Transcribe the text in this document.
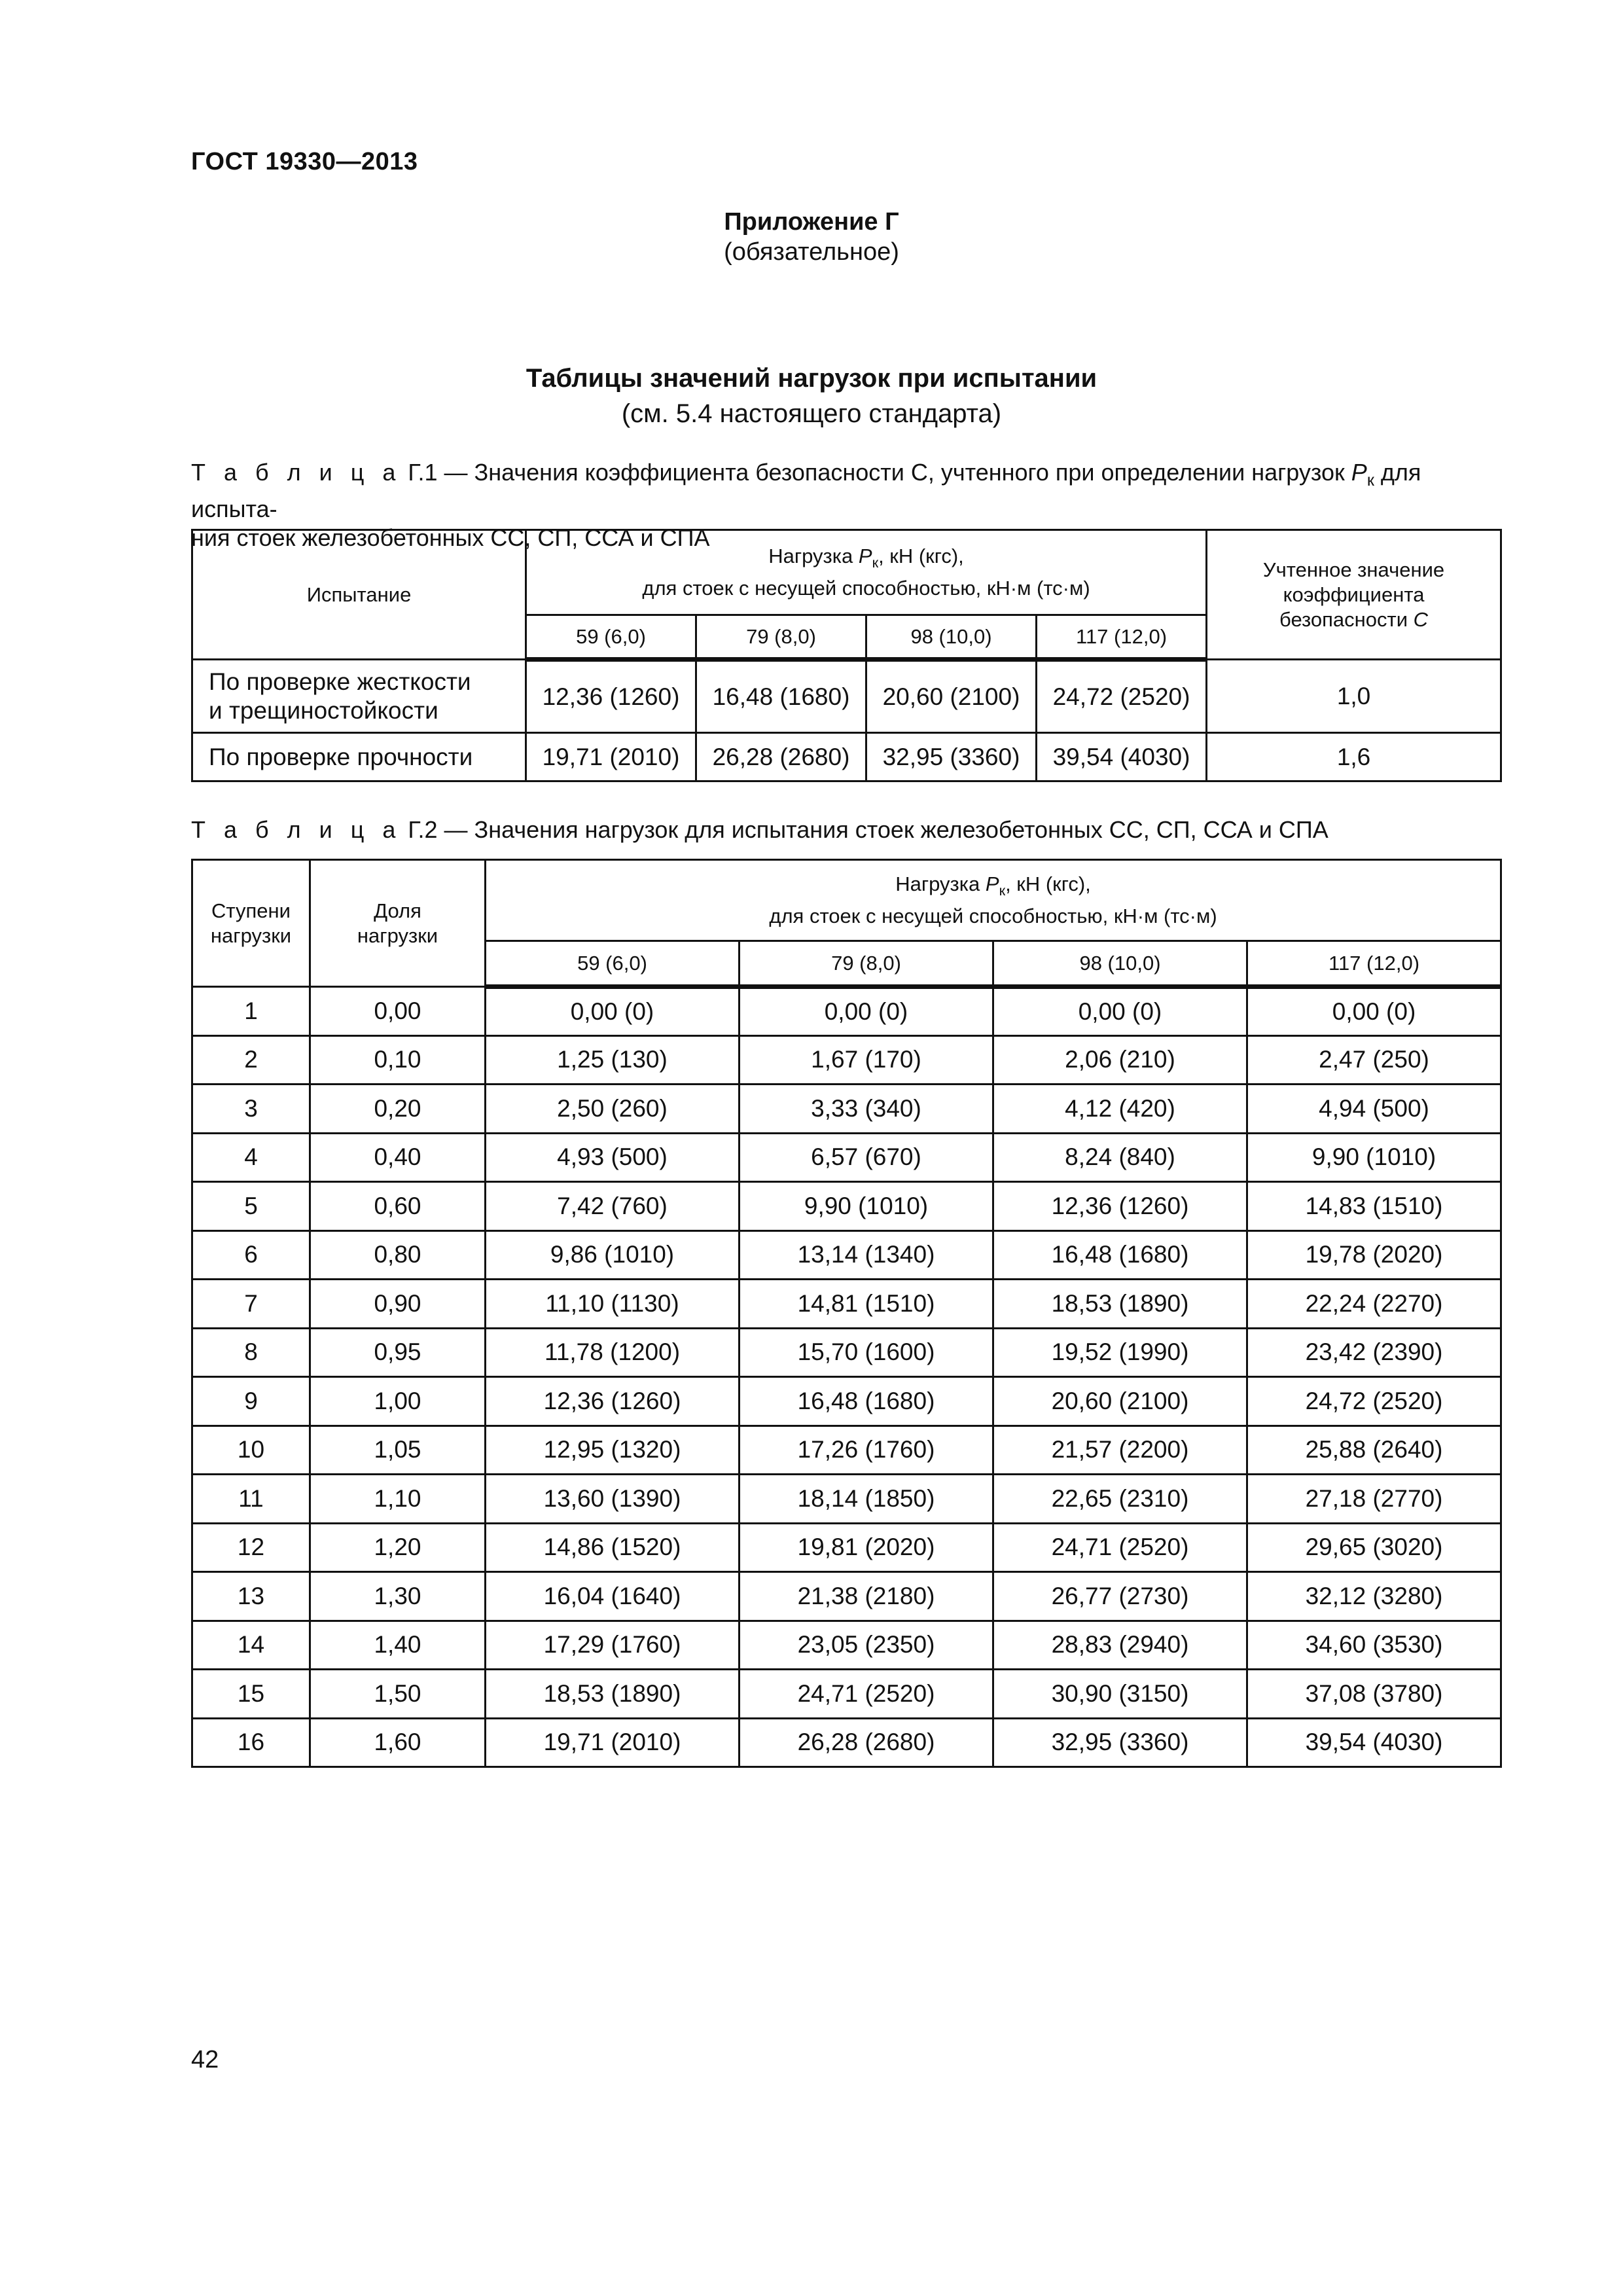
ГОСТ 19330—2013
Приложение Г
(обязательное)
Таблицы значений нагрузок при испытании
(см. 5.4 настоящего стандарта)
Т а б л и ц а Г.1 — Значения коэффициента безопасности С, учтенного при определении нагрузок $P_к$ для испыта-
ния стоек железобетонных СС, СП, ССА и СПА
Испытание	Нагрузка $P_к$, кН (кгс),
для стоек с несущей способностью, кН·м (тс·м)				Учтенное значение
коэффициента
безопасности С
	59 (6,0)	79 (8,0)	98 (10,0)	117 (12,0)	
По проверке жесткости
и трещиностойкости	12,36 (1260)	16,48 (1680)	20,60 (2100)	24,72 (2520)	1,0
По проверке прочности	19,71 (2010)	26,28 (2680)	32,95 (3360)	39,54 (4030)	1,6
Т а б л и ц а Г.2 — Значения нагрузок для испытания стоек железобетонных СС, СП, ССА и СПА
Ступени
нагрузки	Доля
нагрузки	Нагрузка $P_к$, кН (кгс),
для стоек с несущей способностью, кН·м (тс·м)			
		59 (6,0)	79 (8,0)	98 (10,0)	117 (12,0)
1	0,00	0,00 (0)	0,00 (0)	0,00 (0)	0,00 (0)
2	0,10	1,25 (130)	1,67 (170)	2,06 (210)	2,47 (250)
3	0,20	2,50 (260)	3,33 (340)	4,12 (420)	4,94 (500)
4	0,40	4,93 (500)	6,57 (670)	8,24 (840)	9,90 (1010)
5	0,60	7,42 (760)	9,90 (1010)	12,36 (1260)	14,83 (1510)
6	0,80	9,86 (1010)	13,14 (1340)	16,48 (1680)	19,78 (2020)
7	0,90	11,10 (1130)	14,81 (1510)	18,53 (1890)	22,24 (2270)
8	0,95	11,78 (1200)	15,70 (1600)	19,52 (1990)	23,42 (2390)
9	1,00	12,36 (1260)	16,48 (1680)	20,60 (2100)	24,72 (2520)
10	1,05	12,95 (1320)	17,26 (1760)	21,57 (2200)	25,88 (2640)
11	1,10	13,60 (1390)	18,14 (1850)	22,65 (2310)	27,18 (2770)
12	1,20	14,86 (1520)	19,81 (2020)	24,71 (2520)	29,65 (3020)
13	1,30	16,04 (1640)	21,38 (2180)	26,77 (2730)	32,12 (3280)
14	1,40	17,29 (1760)	23,05 (2350)	28,83 (2940)	34,60 (3530)
15	1,50	18,53 (1890)	24,71 (2520)	30,90 (3150)	37,08 (3780)
16	1,60	19,71 (2010)	26,28 (2680)	32,95 (3360)	39,54 (4030)
42
